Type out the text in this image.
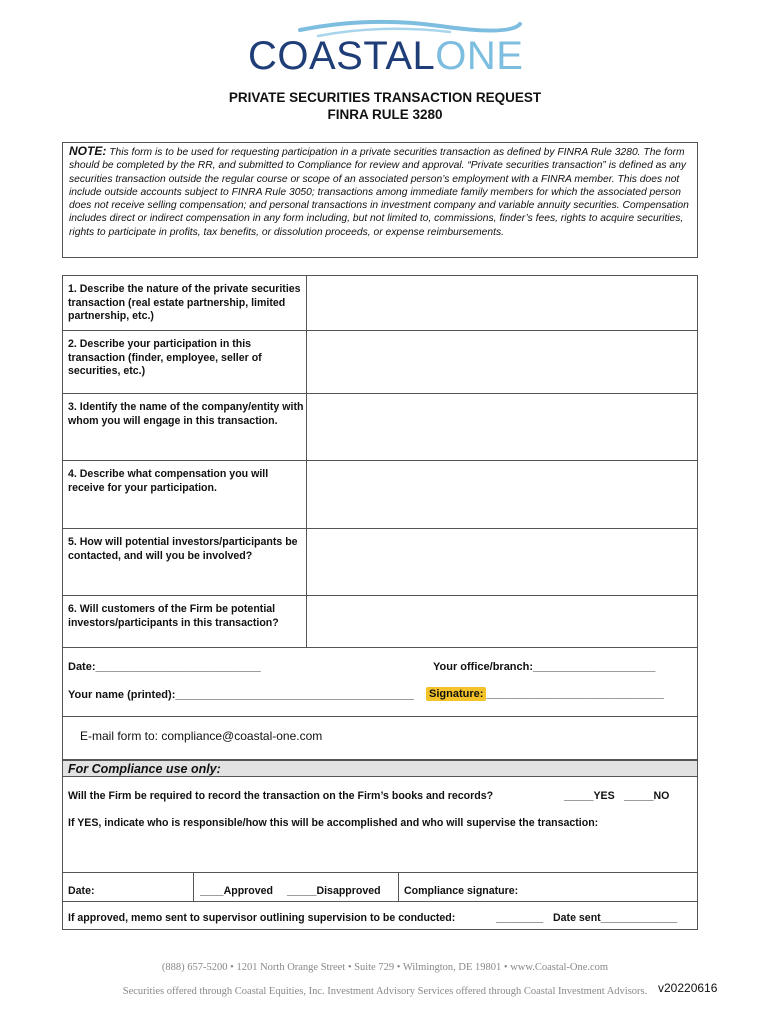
COASTALONE
PRIVATE SECURITIES TRANSACTION REQUEST
FINRA RULE 3280
NOTE: This form is to be used for requesting participation in a private securities transaction as defined by FINRA Rule 3280. The form should be completed by the RR, and submitted to Compliance for review and approval. “Private securities transaction” is defined as any securities transaction outside the regular course or scope of an associated person’s employment with a FINRA member. This does not include outside accounts subject to FINRA Rule 3050; transactions among immediate family members for which the associated person does not receive selling compensation; and personal transactions in investment company and variable annuity securities. Compensation includes direct or indirect compensation in any form including, but not limited to, commissions, finder’s fees, rights to acquire securities, rights to participate in profits, tax benefits, or dissolution proceeds, or expense reimbursements.
1. Describe the nature of the private securities transaction (real estate partnership, limited partnership, etc.)
2. Describe your participation in this transaction (finder, employee, seller of securities, etc.)
3. Identify the name of the company/entity with whom you will engage in this transaction.
4. Describe what compensation you will receive for your participation.
5. How will potential investors/participants be contacted, and will you be involved?
6. Will customers of the Firm be potential investors/participants in this transaction?
Date:___________________________	Your office/branch:____________________
Your name (printed):_______________________________________ Signature: _____________________________
E-mail form to: compliance@coastal-one.com
For Compliance use only:
Will the Firm be required to record the transaction on the Firm’s books and records?	_____YES _____NO
If YES, indicate who is responsible/how this will be accomplished and who will supervise the transaction:
Date:	____Approved _____Disapproved Compliance signature:
If approved, memo sent to supervisor outlining supervision to be conducted:	________ Date sent_____________
(888) 657-5200 • 1201 North Orange Street • Suite 729 • Wilmington, DE 19801 • www.Coastal-One.com
Securities offered through Coastal Equities, Inc. Investment Advisory Services offered through Coastal Investment Advisors. v20220616
